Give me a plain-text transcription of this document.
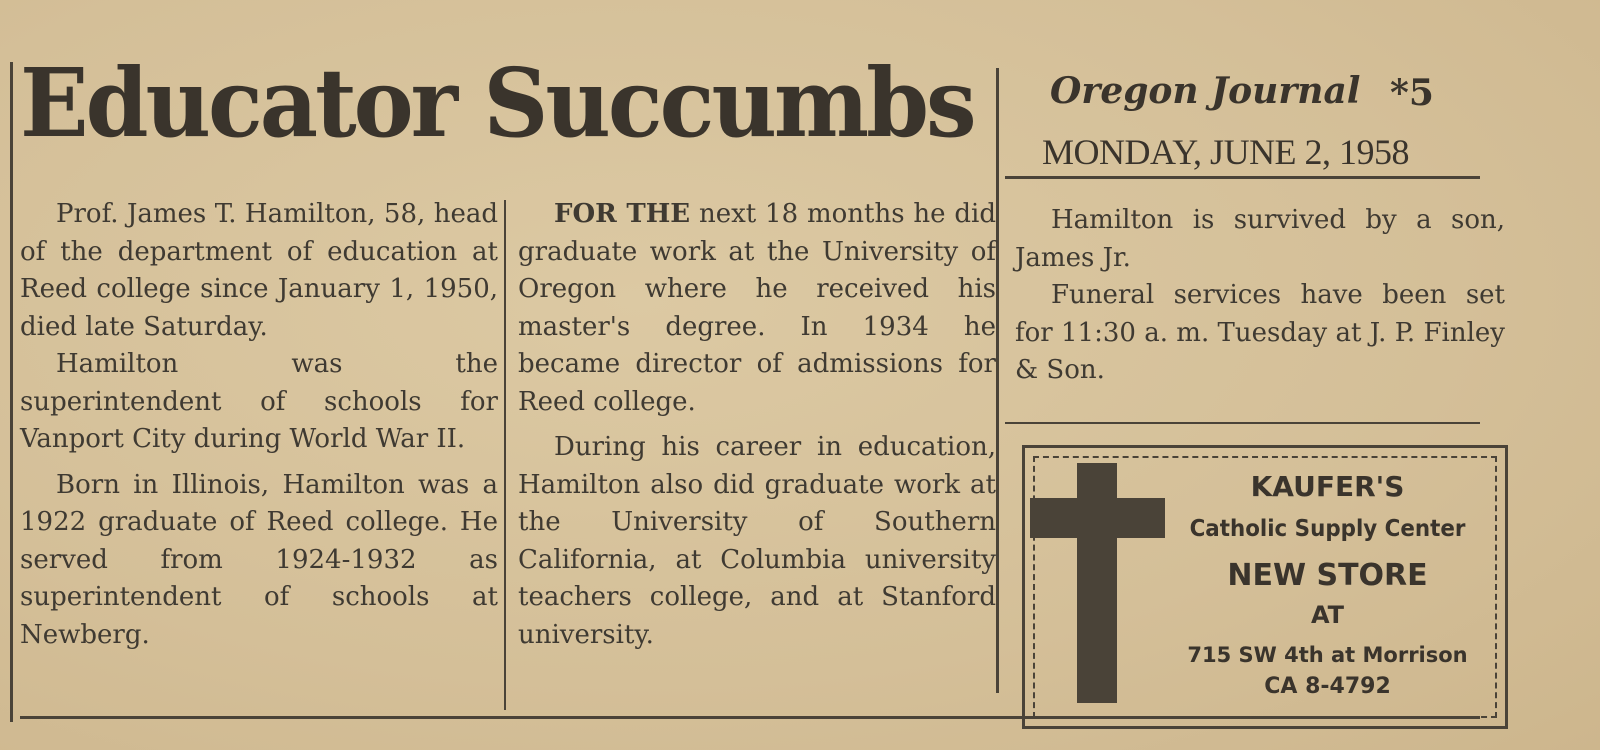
Educator Succumbs Oregon Journal *5
MONDAY, JUNE 2, 1958

Prof. James T. Hamilton, 58, head of the department of education at Reed college since January 1, 1950, died late Saturday.

Hamilton was the superintendent of schools for Vanport City during World War II.

Born in Illinois, Hamilton was a 1922 graduate of Reed college. He served from 1924-1932 as superintendent of schools at Newberg.

FOR THE next 18 months he did graduate work at the University of Oregon where he received his master's degree. In 1934 he became director of admissions for Reed college.

During his career in education, Hamilton also did graduate work at the University of Southern California, at Columbia university teachers college, and at Stanford university.

Hamilton is survived by a son, James Jr.

Funeral services have been set for 11:30 a. m. Tuesday at J. P. Finley & Son.

KAUFER'S
Catholic Supply Center
NEW STORE
AT
715 SW 4th at Morrison
CA 8-4792
